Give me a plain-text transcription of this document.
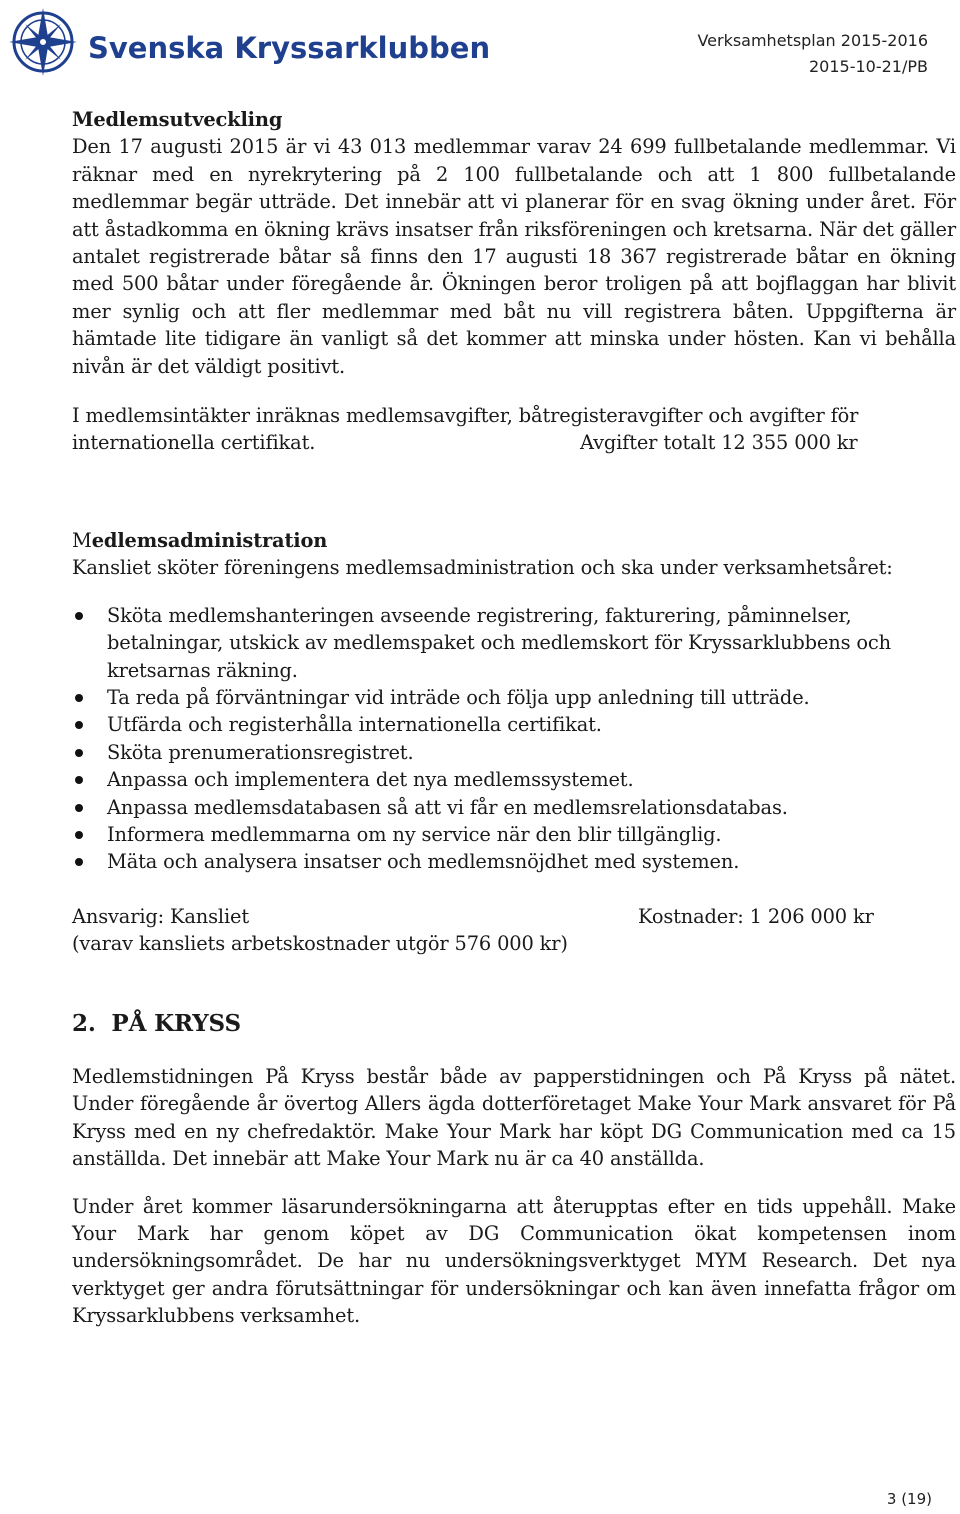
Svenska Kryssarklubben	Verksamhetsplan 2015-2016
2015-10-21/PB
Medlemsutveckling

Den 17 augusti 2015 är vi 43 013 medlemmar varav 24 699 fullbetalande medlemmar. Vi räknar med en nyrekrytering på 2 100 fullbetalande och att 1 800 fullbetalande medlemmar begär utträde. Det innebär att vi planerar för en svag ökning under året. För att åstadkomma en ökning krävs insatser från riksföreningen och kretsarna. När det gäller antalet registrerade båtar så finns den 17 augusti 18 367 registrerade båtar en ökning med 500 båtar under föregående år. Ökningen beror troligen på att bojflaggan har blivit mer synlig och att fler medlemmar med båt nu vill registrera båten. Uppgifterna är hämtade lite tidigare än vanligt så det kommer att minska under hösten. Kan vi behålla nivån är det väldigt positivt.

I medlemsintäkter inräknas medlemsavgifter, båtregisteravgifter och avgifter för

internationella certifikat.	Avgifter totalt 12 355 000 kr
Medlemsadministration

Kansliet sköter föreningens medlemsadministration och ska under verksamhetsåret:

Sköta medlemshanteringen avseende registrering, fakturering, påminnelser, betalningar, utskick av medlemspaket och medlemskort för Kryssarklubbens och kretsarnas räkning.
Ta reda på förväntningar vid inträde och följa upp anledning till utträde.
Utfärda och registerhålla internationella certifikat.
Sköta prenumerationsregistret.
Anpassa och implementera det nya medlemssystemet.
Anpassa medlemsdatabasen så att vi får en medlemsrelationsdatabas.
Informera medlemmarna om ny service när den blir tillgänglig.
Mäta och analysera insatser och medlemsnöjdhet med systemen.
Ansvarig: Kansliet	Kostnader: 1 206 000 kr
(varav kansliets arbetskostnader utgör 576 000 kr)
2.  PÅ KRYSS

Medlemstidningen På Kryss består både av papperstidningen och På Kryss på nätet. Under föregående år övertog Allers ägda dotterföretaget Make Your Mark ansvaret för På Kryss med en ny chefredaktör. Make Your Mark har köpt DG Communication med ca 15 anställda. Det innebär att Make Your Mark nu är ca 40 anställda.

Under året kommer läsarundersökningarna att återupptas efter en tids uppehåll. Make Your Mark har genom köpet av DG Communication ökat kompetensen inom undersökningsområdet. De har nu undersökningsverktyget MYM Research. Det nya verktyget ger andra förutsättningar för undersökningar och kan även innefatta frågor om Kryssarklubbens verksamhet.

3 (19)
